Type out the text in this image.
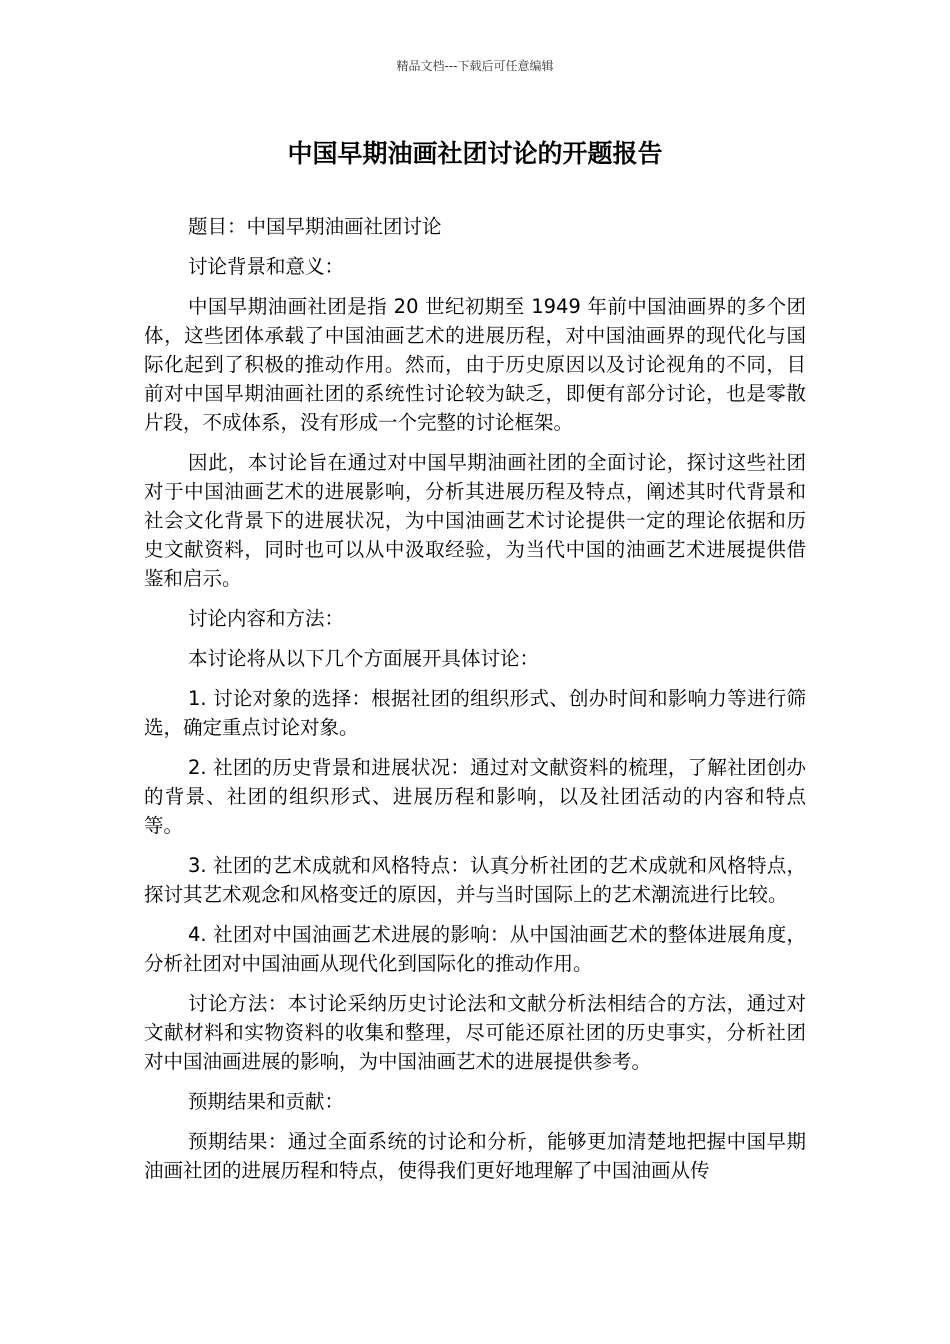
精品文档---下载后可任意编辑
中国早期油画社团讨论的开题报告

题目：中国早期油画社团讨论

讨论背景和意义：

中国早期油画社团是指 20 世纪初期至 1949 年前中国油画界的多个团体，这些团体承载了中国油画艺术的进展历程，对中国油画界的现代化与国际化起到了积极的推动作用。然而，由于历史原因以及讨论视角的不同，目前对中国早期油画社团的系统性讨论较为缺乏，即便有部分讨论，也是零散片段，不成体系，没有形成一个完整的讨论框架。

因此，本讨论旨在通过对中国早期油画社团的全面讨论，探讨这些社团对于中国油画艺术的进展影响，分析其进展历程及特点，阐述其时代背景和社会文化背景下的进展状况，为中国油画艺术讨论提供一定的理论依据和历史文献资料，同时也可以从中汲取经验，为当代中国的油画艺术进展提供借鉴和启示。

讨论内容和方法：

本讨论将从以下几个方面展开具体讨论：

1. 讨论对象的选择：根据社团的组织形式、创办时间和影响力等进行筛选，确定重点讨论对象。

2. 社团的历史背景和进展状况：通过对文献资料的梳理，了解社团创办的背景、社团的组织形式、进展历程和影响，以及社团活动的内容和特点等。

3. 社团的艺术成就和风格特点：认真分析社团的艺术成就和风格特点，探讨其艺术观念和风格变迁的原因，并与当时国际上的艺术潮流进行比较。

4. 社团对中国油画艺术进展的影响：从中国油画艺术的整体进展角度，分析社团对中国油画从现代化到国际化的推动作用。

讨论方法：本讨论采纳历史讨论法和文献分析法相结合的方法，通过对文献材料和实物资料的收集和整理，尽可能还原社团的历史事实，分析社团对中国油画进展的影响，为中国油画艺术的进展提供参考。

预期结果和贡献：

预期结果：通过全面系统的讨论和分析，能够更加清楚地把握中国早期油画社团的进展历程和特点，使得我们更好地理解了中国油画从传
